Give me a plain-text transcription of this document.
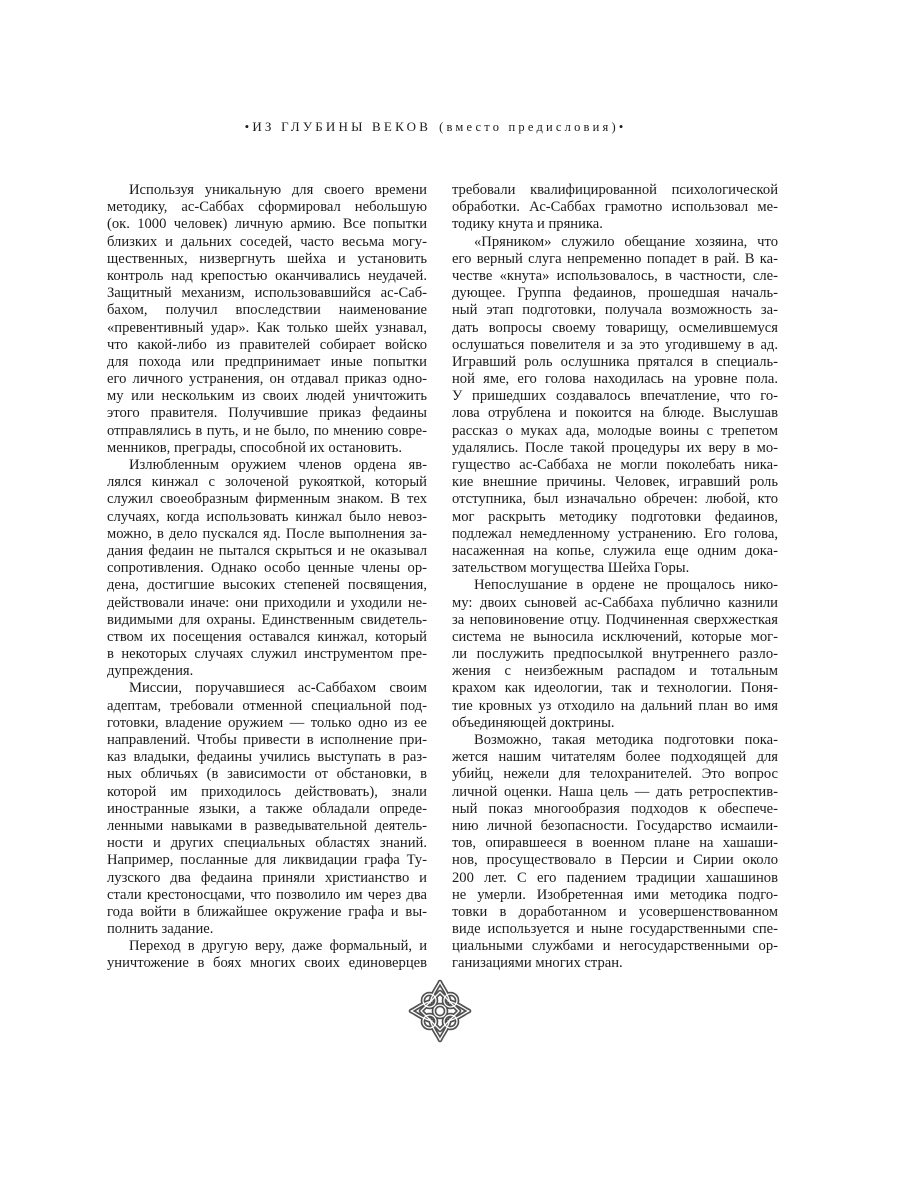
•ИЗ ГЛУБИНЫ ВЕКОВ (вместо предисловия)•
Используя уникальную для своего времени
методику, ас-Саббах сформировал небольшую
(ок. 1000 человек) личную армию. Все попытки
близких и дальних соседей, часто весьма могу-
щественных, низвергнуть шейха и установить
контроль над крепостью оканчивались неудачей.
Защитный механизм, использовавшийся ас-Саб-
бахом, получил впоследствии наименование
«превентивный удар». Как только шейх узнавал,
что какой-либо из правителей собирает войско
для похода или предпринимает иные попытки
его личного устранения, он отдавал приказ одно-
му или нескольким из своих людей уничтожить
этого правителя. Получившие приказ федаины
отправлялись в путь, и не было, по мнению совре-
менников, преграды, способной их остановить.
Излюбленным оружием членов ордена яв-
лялся кинжал с золоченой рукояткой, который
служил своеобразным фирменным знаком. В тех
случаях, когда использовать кинжал было невоз-
можно, в дело пускался яд. После выполнения за-
дания федаин не пытался скрыться и не оказывал
сопротивления. Однако особо ценные члены ор-
дена, достигшие высоких степеней посвящения,
действовали иначе: они приходили и уходили не-
видимыми для охраны. Единственным свидетель-
ством их посещения оставался кинжал, который
в некоторых случаях служил инструментом пре-
дупреждения.
Миссии, поручавшиеся ас-Саббахом своим
адептам, требовали отменной специальной под-
готовки, владение оружием — только одно из ее
направлений. Чтобы привести в исполнение при-
каз владыки, федаины учились выступать в раз-
ных обличьях (в зависимости от обстановки, в
которой им приходилось действовать), знали
иностранные языки, а также обладали опреде-
ленными навыками в разведывательной деятель-
ности и других специальных областях знаний.
Например, посланные для ликвидации графа Ту-
лузского два федаина приняли христианство и
стали крестоносцами, что позволило им через два
года войти в ближайшее окружение графа и вы-
полнить задание.
Переход в другую веру, даже формальный, и
уничтожение в боях многих своих единоверцев
требовали квалифицированной психологической
обработки. Ас-Саббах грамотно использовал ме-
тодику кнута и пряника.
«Пряником» служило обещание хозяина, что
его верный слуга непременно попадет в рай. В ка-
честве «кнута» использовалось, в частности, сле-
дующее. Группа федаинов, прошедшая началь-
ный этап подготовки, получала возможность за-
дать вопросы своему товарищу, осмелившемуся
ослушаться повелителя и за это угодившему в ад.
Игравший роль ослушника прятался в специаль-
ной яме, его голова находилась на уровне пола.
У пришедших создавалось впечатление, что го-
лова отрублена и покоится на блюде. Выслушав
рассказ о муках ада, молодые воины с трепетом
удалялись. После такой процедуры их веру в мо-
гущество ас-Саббаха не могли поколебать ника-
кие внешние причины. Человек, игравший роль
отступника, был изначально обречен: любой, кто
мог раскрыть методику подготовки федаинов,
подлежал немедленному устранению. Его голова,
насаженная на копье, служила еще одним дока-
зательством могущества Шейха Горы.
Непослушание в ордене не прощалось нико-
му: двоих сыновей ас-Саббаха публично казнили
за неповиновение отцу. Подчиненная сверхжесткая
система не выносила исключений, которые мог-
ли послужить предпосылкой внутреннего разло-
жения с неизбежным распадом и тотальным
крахом как идеологии, так и технологии. Поня-
тие кровных уз отходило на дальний план во имя
объединяющей доктрины.
Возможно, такая методика подготовки пока-
жется нашим читателям более подходящей для
убийц, нежели для телохранителей. Это вопрос
личной оценки. Наша цель — дать ретроспектив-
ный показ многообразия подходов к обеспече-
нию личной безопасности. Государство исмаили-
тов, опиравшееся в военном плане на хашаши-
нов, просуществовало в Персии и Сирии около
200 лет. С его падением традиции хашашинов
не умерли. Изобретенная ими методика подго-
товки в доработанном и усовершенствованном
виде используется и ныне государственными спе-
циальными службами и негосударственными ор-
ганизациями многих стран.
